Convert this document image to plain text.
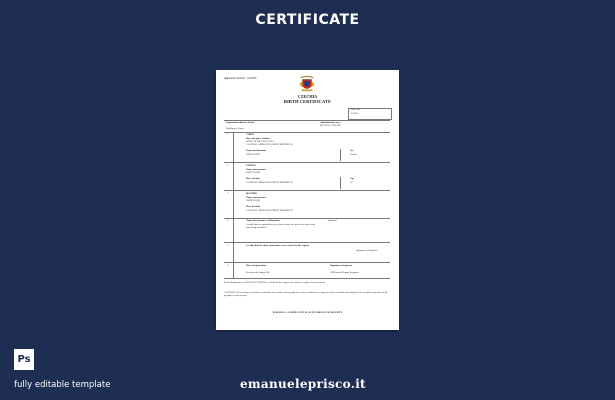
CERTIFICATE
Application Number : 0220500
CZECHIA
BIRTH CERTIFICATE
Place No.
0234/3
Registration district: Praha	Administrative area
PRAGUE, CZECHIA
Subdistrict : Pasov
1	CHILD
Date and place of birth
FIRST OF JULY 02/07/2011
CASTELLO HERNAN DANDEZ MENDEZ 02
Name and Surname
JOHN WOOD
Sex
Female
2	FATHER
Name and surname
JOHN WOOD
Place of birth
CASTELLO HERNAN DANDEZ MENDEZ 02
Age
32
3	MOTHER
Name and surname
JOHN WOOD
Place of birth
CASTELLO HERNAN DANDEZ MENDEZ 02
4	Name and surname of informant	Signature
I certify that the particulars given by me above are true to the best of my
knowledge and belief
5	I certify that the above particulars were entered in the register
Signature of Registrar
6	Date of registration
Seventeenth August 2011
Signature of registrar
CM Pascual Deputy Registrar
In the Registration for PRAGUE, CZECHIA. Certified a true copy of an entry in a register in my custody.
CAUTION: It is an offence to falsify a certificate or to make or knowingly use a false certificate or a copy of a false certificate intending it to be accepted as genuine to the prejudice of any person.
WARNING: A CERTIFICATE IS NOT EVIDENCE OF IDENTITY
Ps
fully editable template	emanueleprisco.it
